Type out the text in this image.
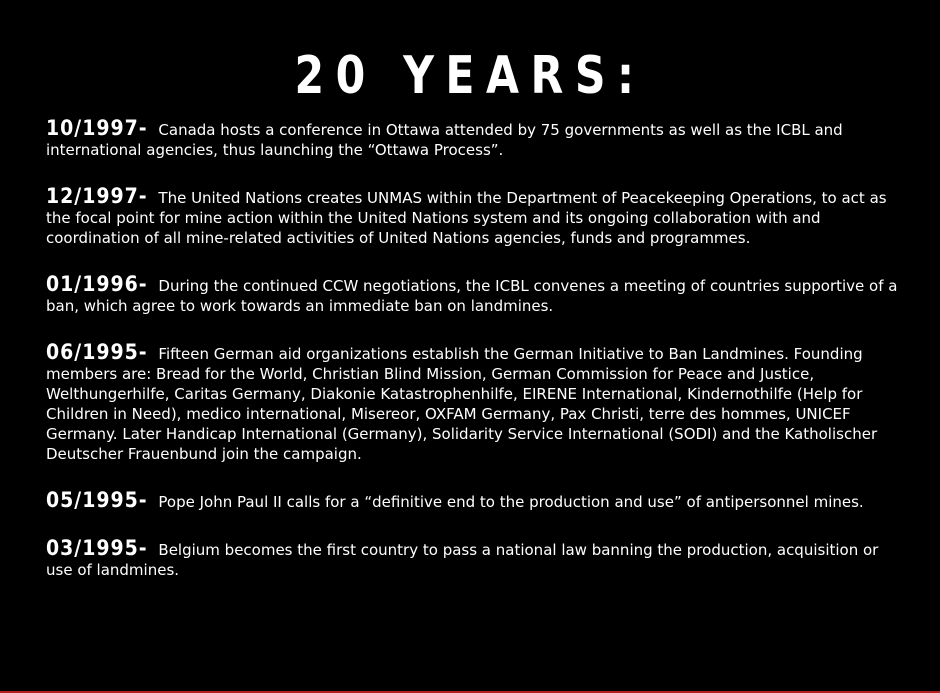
20 YEARS:

10/1997- Canada hosts a conference in Ottawa attended by 75 governments as well as the ICBL and international agencies, thus launching the “Ottawa Process”.

12/1997- The United Nations creates UNMAS within the Department of Peacekeeping Operations, to act as the focal point for mine action within the United Nations system and its ongoing collaboration with and coordination of all mine-related activities of United Nations agencies, funds and programmes.

01/1996- During the continued CCW negotiations, the ICBL convenes a meeting of countries supportive of a ban, which agree to work towards an immediate ban on landmines.

06/1995- Fifteen German aid organizations establish the German Initiative to Ban Landmines. Founding members are: Bread for the World, Christian Blind Mission, German Commission for Peace and Justice, Welthungerhilfe, Caritas Germany, Diakonie Katastrophenhilfe, EIRENE International, Kindernothilfe (Help for Children in Need), medico international, Misereor, OXFAM Germany, Pax Christi, terre des hommes, UNICEF Germany. Later Handicap International (Germany), Solidarity Service International (SODI) and the Katholischer Deutscher Frauenbund join the campaign.

05/1995- Pope John Paul II calls for a “definitive end to the production and use” of antipersonnel mines.

03/1995- Belgium becomes the first country to pass a national law banning the production, acquisition or use of landmines.
